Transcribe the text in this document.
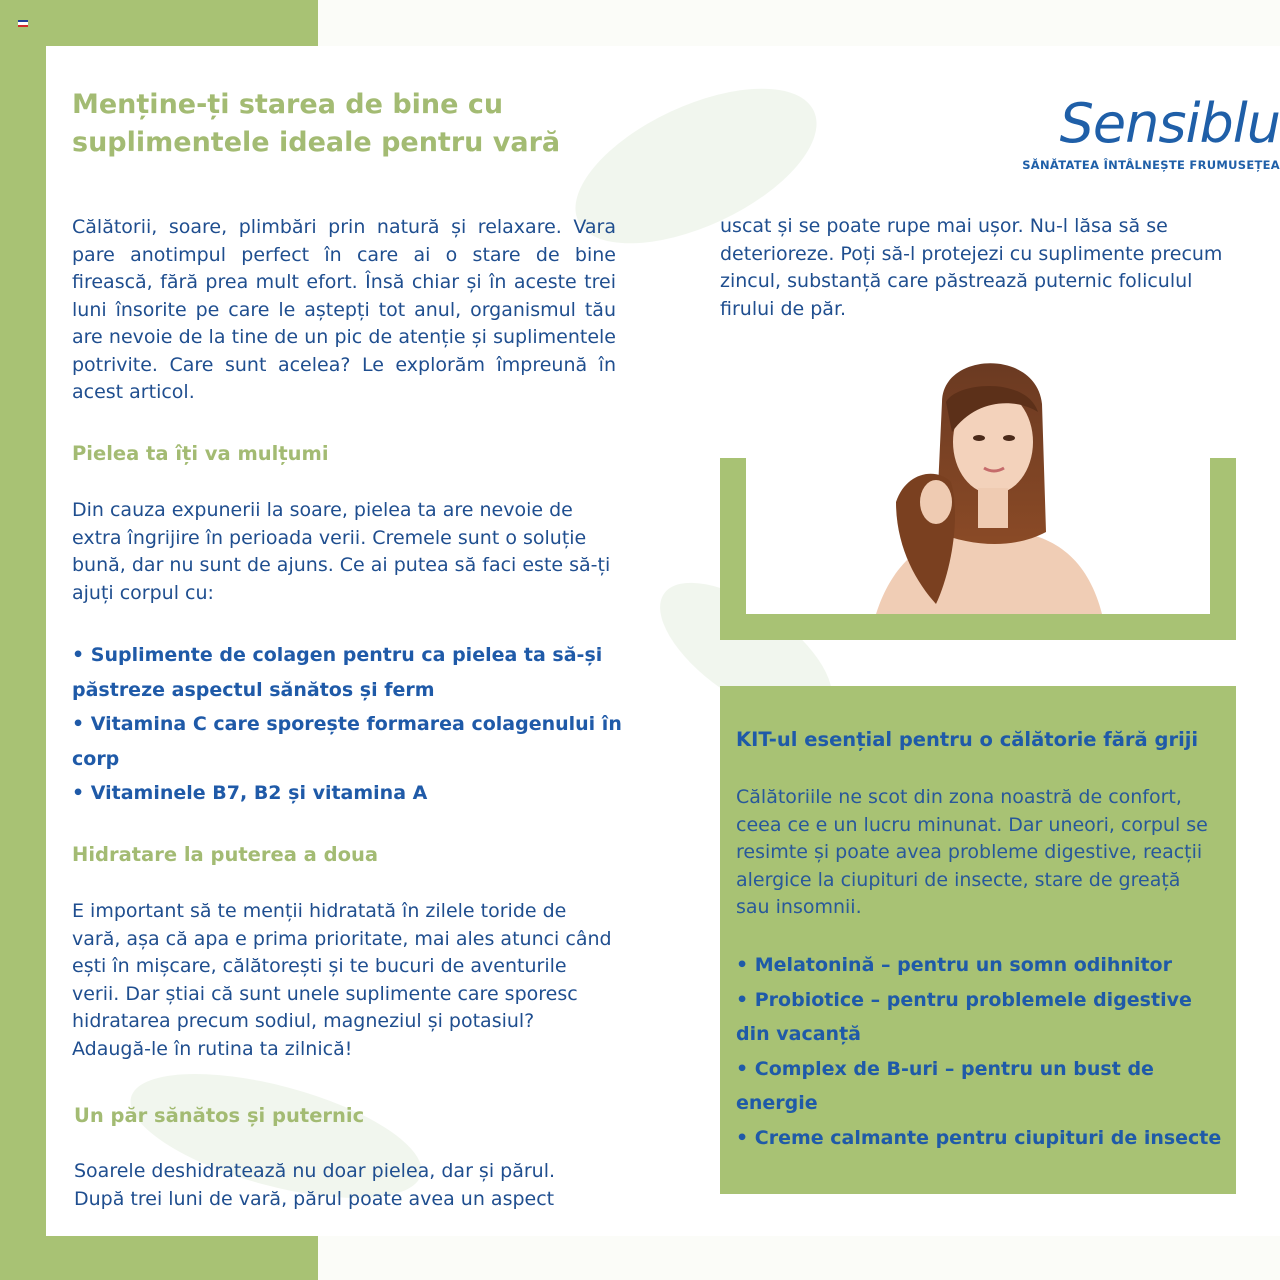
Menține-ți starea de bine cu suplimentele ideale pentru vară	Sensiblu
SĂNĂTATEA ÎNTÂLNEȘTE FRUMUSEȚEA

Călătorii, soare, plimbări prin natură și relaxare. Vara pare anotimpul perfect în care ai o stare de bine firească, fără prea mult efort. Însă chiar și în aceste trei luni însorite pe care le aștepți tot anul, organismul tău are nevoie de la tine de un pic de atenție și suplimentele potrivite. Care sunt acelea? Le explorăm împreună în acest articol.

Pielea ta îți va mulțumi

Din cauza expunerii la soare, pielea ta are nevoie de extra îngrijire în perioada verii. Cremele sunt o soluție bună, dar nu sunt de ajuns. Ce ai putea să faci este să-ți ajuți corpul cu:

• Suplimente de colagen pentru ca pielea ta să-și păstreze aspectul sănătos și ferm
• Vitamina C care sporește formarea colagenului în corp
• Vitaminele B7, B2 și vitamina A
Hidratare la puterea a doua

E important să te menții hidratată în zilele toride de vară, așa că apa e prima prioritate, mai ales atunci când ești în mișcare, călătorești și te bucuri de aventurile verii. Dar știai că sunt unele suplimente care sporesc hidratarea precum sodiul, magneziul și potasiul? Adaugă-le în rutina ta zilnică!

Un păr sănătos și puternic

Soarele deshidratează nu doar pielea, dar și părul. După trei luni de vară, părul poate avea un aspect

uscat și se poate rupe mai ușor. Nu-l lăsa să se deterioreze. Poți să-l protejezi cu suplimente precum zincul, substanță care păstrează puternic foliculul firului de păr.

KIT-ul esențial pentru o călătorie fără griji

Călătoriile ne scot din zona noastră de confort, ceea ce e un lucru minunat. Dar uneori, corpul se resimte și poate avea probleme digestive, reacții alergice la ciupituri de insecte, stare de greață sau insomnii.

• Melatonină – pentru un somn odihnitor
• Probiotice – pentru problemele digestive din vacanță
• Complex de B-uri – pentru un bust de energie
• Creme calmante pentru ciupituri de insecte
